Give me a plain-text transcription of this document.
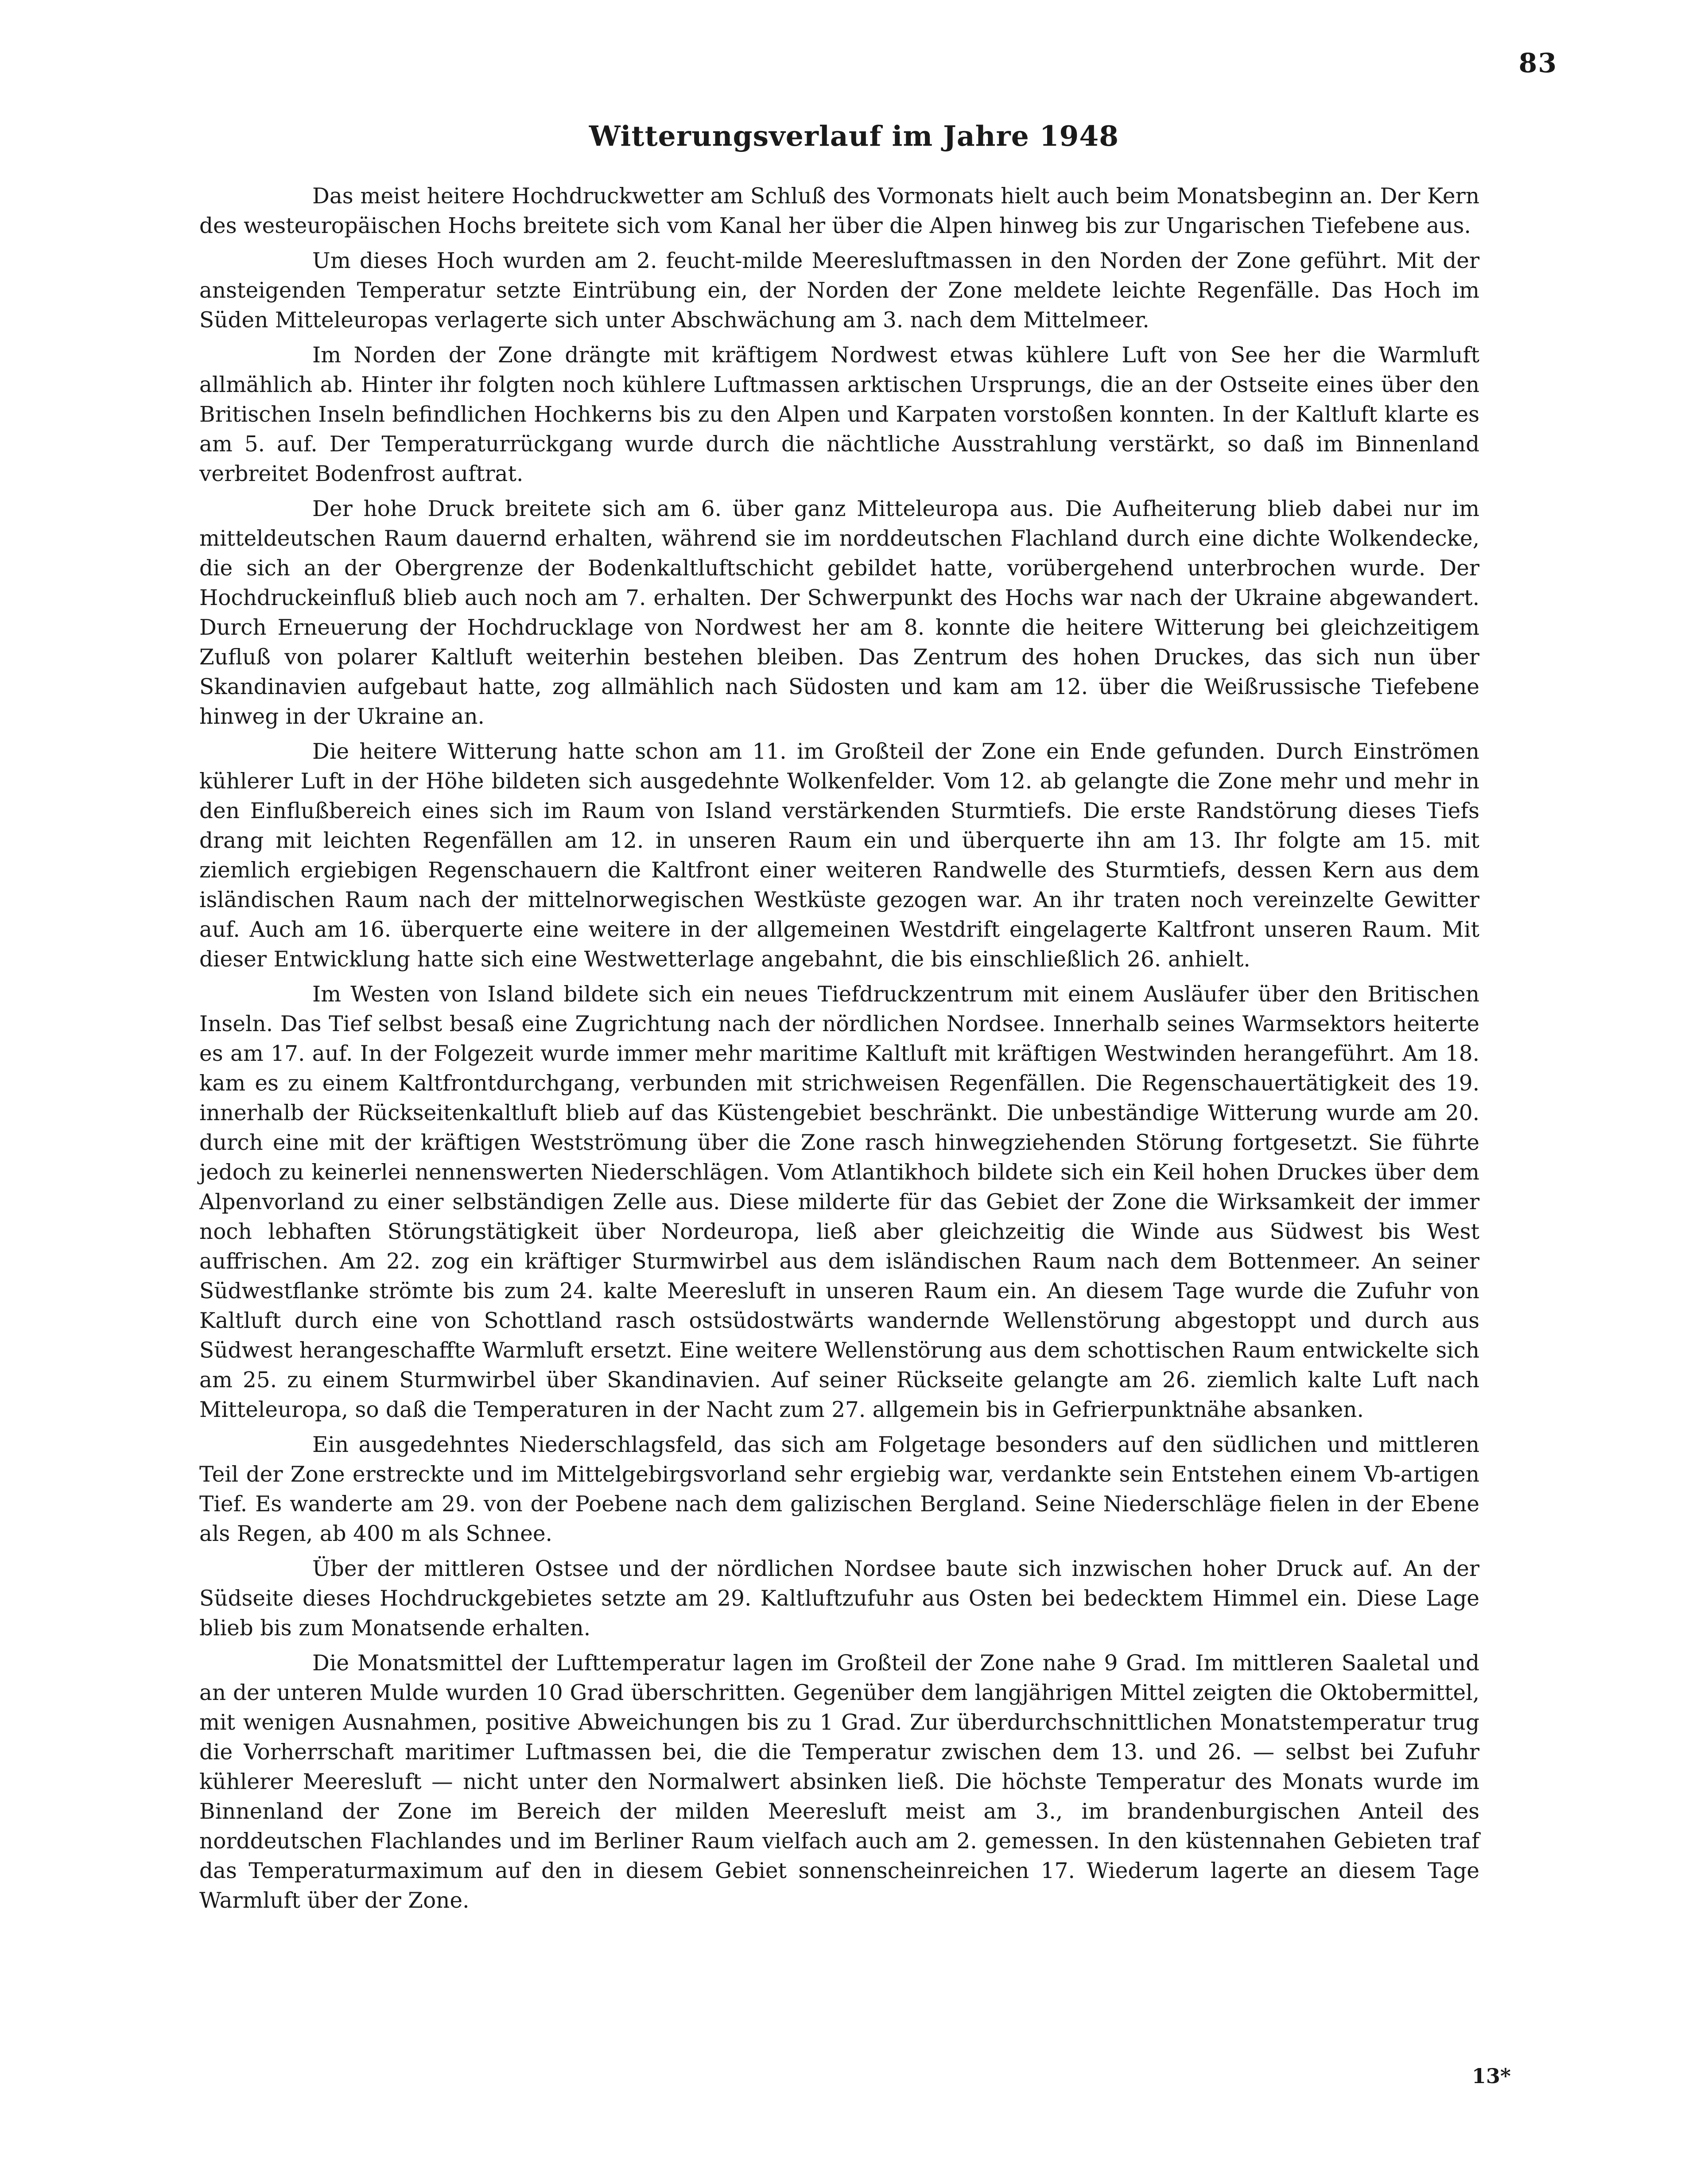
83
Witterungsverlauf im Jahre 1948

Das meist heitere Hochdruckwetter am Schluß des Vormonats hielt auch beim Monatsbeginn an. Der Kern des westeuropäischen Hochs breitete sich vom Kanal her über die Alpen hinweg bis zur Ungarischen Tiefebene aus.

Um dieses Hoch wurden am 2. feucht-milde Meeresluftmassen in den Norden der Zone geführt. Mit der ansteigenden Temperatur setzte Eintrübung ein, der Norden der Zone meldete leichte Regenfälle. Das Hoch im Süden Mitteleuropas verlagerte sich unter Abschwächung am 3. nach dem Mittelmeer.

Im Norden der Zone drängte mit kräftigem Nordwest etwas kühlere Luft von See her die Warmluft allmählich ab. Hinter ihr folgten noch kühlere Luftmassen arktischen Ursprungs, die an der Ostseite eines über den Britischen Inseln befindlichen Hochkerns bis zu den Alpen und Karpaten vorstoßen konnten. In der Kaltluft klarte es am 5. auf. Der Temperaturrückgang wurde durch die nächtliche Ausstrahlung verstärkt, so daß im Binnenland verbreitet Bodenfrost auftrat.

Der hohe Druck breitete sich am 6. über ganz Mitteleuropa aus. Die Aufheiterung blieb dabei nur im mitteldeutschen Raum dauernd erhalten, während sie im norddeutschen Flachland durch eine dichte Wolkendecke, die sich an der Obergrenze der Bodenkaltluftschicht gebildet hatte, vorübergehend unterbrochen wurde. Der Hochdruckeinfluß blieb auch noch am 7. erhalten. Der Schwerpunkt des Hochs war nach der Ukraine abgewandert. Durch Erneuerung der Hochdrucklage von Nordwest her am 8. konnte die heitere Witterung bei gleichzeitigem Zufluß von polarer Kaltluft weiterhin bestehen bleiben. Das Zentrum des hohen Druckes, das sich nun über Skandinavien aufgebaut hatte, zog allmählich nach Südosten und kam am 12. über die Weißrussische Tiefebene hinweg in der Ukraine an.

Die heitere Witterung hatte schon am 11. im Großteil der Zone ein Ende gefunden. Durch Einströmen kühlerer Luft in der Höhe bildeten sich ausgedehnte Wolkenfelder. Vom 12. ab gelangte die Zone mehr und mehr in den Einflußbereich eines sich im Raum von Island verstärkenden Sturmtiefs. Die erste Randstörung dieses Tiefs drang mit leichten Regenfällen am 12. in unseren Raum ein und überquerte ihn am 13. Ihr folgte am 15. mit ziemlich ergiebigen Regenschauern die Kaltfront einer weiteren Randwelle des Sturmtiefs, dessen Kern aus dem isländischen Raum nach der mittelnorwegischen Westküste gezogen war. An ihr traten noch vereinzelte Gewitter auf. Auch am 16. überquerte eine weitere in der allgemeinen Westdrift eingelagerte Kaltfront unseren Raum. Mit dieser Entwicklung hatte sich eine Westwetterlage angebahnt, die bis einschließlich 26. anhielt.

Im Westen von Island bildete sich ein neues Tiefdruckzentrum mit einem Ausläufer über den Britischen Inseln. Das Tief selbst besaß eine Zugrichtung nach der nördlichen Nordsee. Innerhalb seines Warmsektors heiterte es am 17. auf. In der Folgezeit wurde immer mehr maritime Kaltluft mit kräftigen Westwinden herangeführt. Am 18. kam es zu einem Kaltfrontdurchgang, verbunden mit strichweisen Regenfällen. Die Regenschauertätigkeit des 19. innerhalb der Rückseitenkaltluft blieb auf das Küstengebiet beschränkt. Die unbeständige Witterung wurde am 20. durch eine mit der kräftigen Westströmung über die Zone rasch hinwegziehenden Störung fortgesetzt. Sie führte jedoch zu keinerlei nennenswerten Niederschlägen. Vom Atlantikhoch bildete sich ein Keil hohen Druckes über dem Alpenvorland zu einer selbständigen Zelle aus. Diese milderte für das Gebiet der Zone die Wirksamkeit der immer noch lebhaften Störungstätigkeit über Nordeuropa, ließ aber gleichzeitig die Winde aus Südwest bis West auffrischen. Am 22. zog ein kräftiger Sturmwirbel aus dem isländischen Raum nach dem Bottenmeer. An seiner Südwestflanke strömte bis zum 24. kalte Meeresluft in unseren Raum ein. An diesem Tage wurde die Zufuhr von Kaltluft durch eine von Schottland rasch ostsüdostwärts wandernde Wellenstörung abgestoppt und durch aus Südwest herangeschaffte Warmluft ersetzt. Eine weitere Wellenstörung aus dem schottischen Raum entwickelte sich am 25. zu einem Sturmwirbel über Skandinavien. Auf seiner Rückseite gelangte am 26. ziemlich kalte Luft nach Mitteleuropa, so daß die Temperaturen in der Nacht zum 27. allgemein bis in Gefrierpunktnähe absanken.

Ein ausgedehntes Niederschlagsfeld, das sich am Folgetage besonders auf den südlichen und mittleren Teil der Zone erstreckte und im Mittelgebirgsvorland sehr ergiebig war, verdankte sein Entstehen einem Vb-artigen Tief. Es wanderte am 29. von der Poebene nach dem galizischen Bergland. Seine Niederschläge fielen in der Ebene als Regen, ab 400 m als Schnee.

Über der mittleren Ostsee und der nördlichen Nordsee baute sich inzwischen hoher Druck auf. An der Südseite dieses Hochdruckgebietes setzte am 29. Kaltluftzufuhr aus Osten bei bedecktem Himmel ein. Diese Lage blieb bis zum Monatsende erhalten.

Die Monatsmittel der Lufttemperatur lagen im Großteil der Zone nahe 9 Grad. Im mittleren Saaletal und an der unteren Mulde wurden 10 Grad überschritten. Gegenüber dem langjährigen Mittel zeigten die Oktobermittel, mit wenigen Ausnahmen, positive Abweichungen bis zu 1 Grad. Zur überdurchschnittlichen Monatstemperatur trug die Vorherrschaft maritimer Luftmassen bei, die die Temperatur zwischen dem 13. und 26. — selbst bei Zufuhr kühlerer Meeresluft — nicht unter den Normalwert absinken ließ. Die höchste Temperatur des Monats wurde im Binnenland der Zone im Bereich der milden Meeresluft meist am 3., im brandenburgischen Anteil des norddeutschen Flachlandes und im Berliner Raum vielfach auch am 2. gemessen. In den küstennahen Gebieten traf das Temperaturmaximum auf den in diesem Gebiet sonnenscheinreichen 17. Wiederum lagerte an diesem Tage Warmluft über der Zone.

13*
